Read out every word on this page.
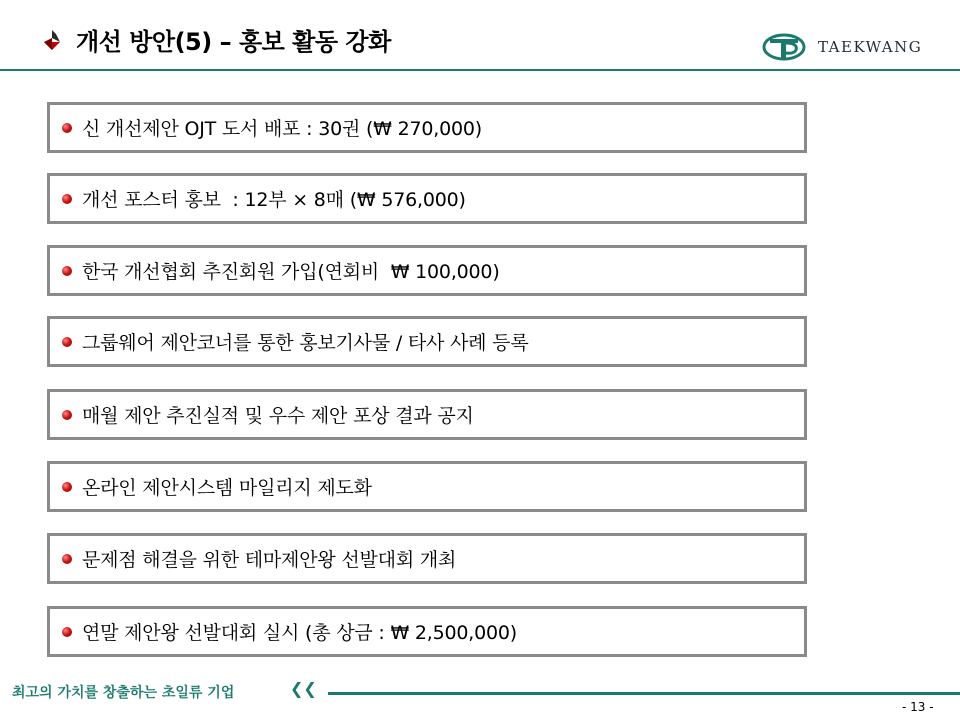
개선 방안(5) – 홍보 활동 강화	TAEKWANG
신 개선제안 OJT 도서 배포 : 30권 (₩ 270,000)
개선 포스터 홍보  : 12부 × 8매 (₩ 576,000)
한국 개선협회 추진회원 가입(연회비  ₩ 100,000)
그룹웨어 제안코너를 통한 홍보기사물 / 타사 사례 등록
매월 제안 추진실적 및 우수 제안 포상 결과 공지
온라인 제안시스템 마일리지 제도화
문제점 해결을 위한 테마제안왕 선발대회 개최
연말 제안왕 선발대회 실시 (총 상금 : ₩ 2,500,000)
최고의 가치를 창출하는 초일류 기업	❮❮
- 13 -
